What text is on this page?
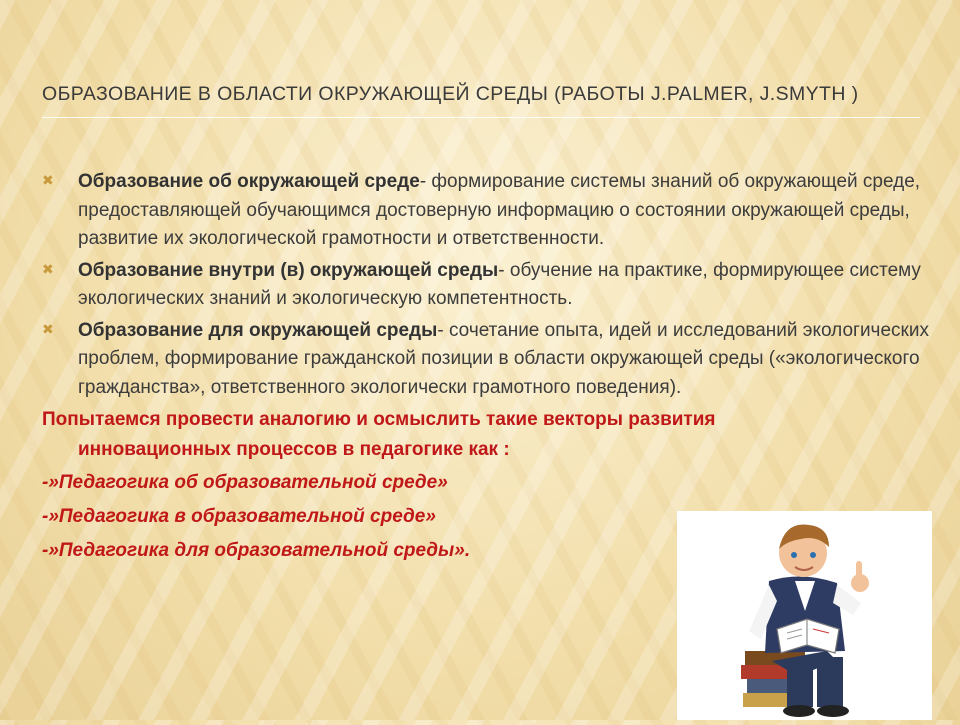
ОБРАЗОВАНИЕ В ОБЛАСТИ ОКРУЖАЮЩЕЙ СРЕДЫ (РАБОТЫ J.PALMER, J.SMYTH )
✖ Образование об окружающей среде- формирование системы знаний об окружающей среде, предоставляющей обучающимся достоверную информацию о состоянии окружающей среды, развитие их экологической грамотности и ответственности.
✖ Образование внутри (в) окружающей среды- обучение на практике, формирующее систему экологических знаний и экологическую компетентность.
✖ Образование для окружающей среды- сочетание опыта, идей и исследований экологических проблем, формирование гражданской позиции в области окружающей среды («экологического гражданства», ответственного экологически грамотного поведения).
Попытаемся провести аналогию и осмыслить такие векторы развития
инновационных процессов в педагогике как :
-»Педагогика об образовательной среде»
-»Педагогика в образовательной среде»
-»Педагогика для образовательной среды».
